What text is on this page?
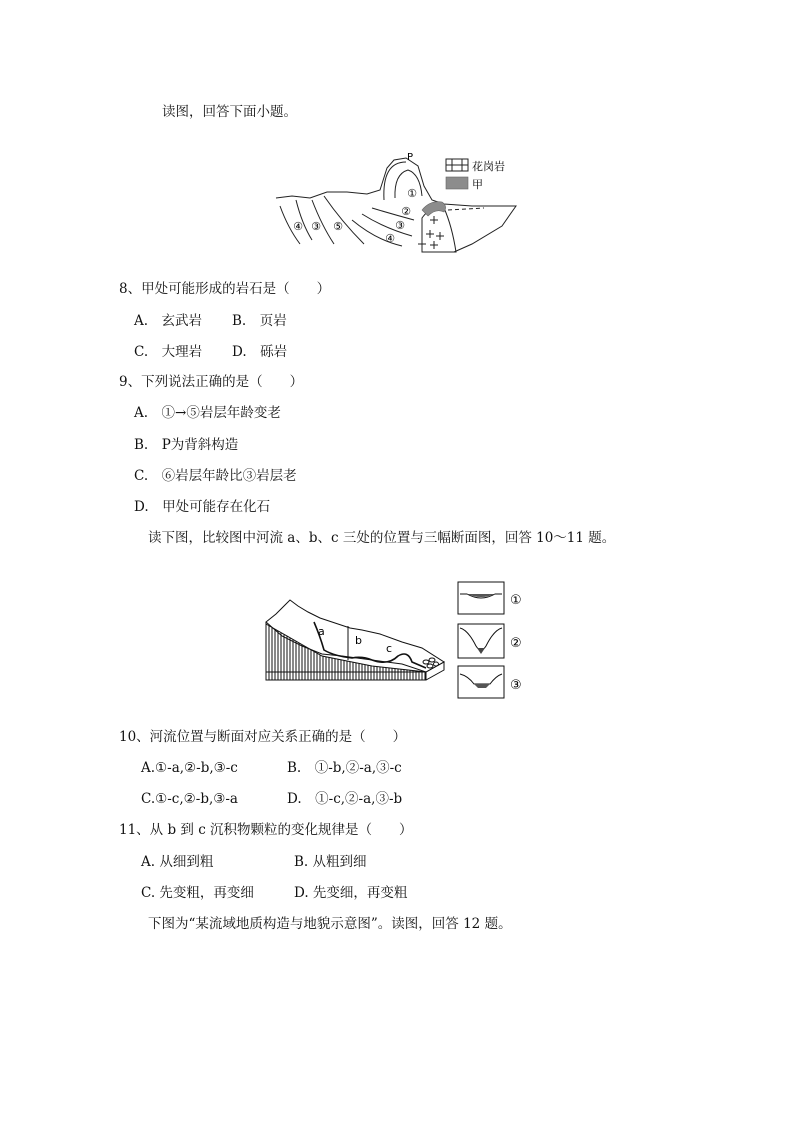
读图，回答下面小题。
P
①
②
③
④
⑤
③
④
花岗岩
甲
8、甲处可能形成的岩石是（　　）
A.　玄武岩 B.　页岩
C.　大理岩 D.　砾岩
9、下列说法正确的是（　　）
A.　①→⑤岩层年龄变老
B.　P为背斜构造
C.　⑥岩层年龄比③岩层老
D.　甲处可能存在化石
读下图，比较图中河流 a、b、c 三处的位置与三幅断面图，回答 10～11 题。
a
b
c
①
②
③
10、河流位置与断面对应关系正确的是（　　）
A.①-a,②-b,③-c	B.　①-b,②-a,③-c
C.①-c,②-b,③-a	D.　①-c,②-a,③-b
11、从 b 到 c 沉积物颗粒的变化规律是（　　）
A. 从细到粗	B. 从粗到细
C. 先变粗，再变细	D. 先变细，再变粗
下图为“某流域地质构造与地貌示意图”。读图，回答 12 题。
